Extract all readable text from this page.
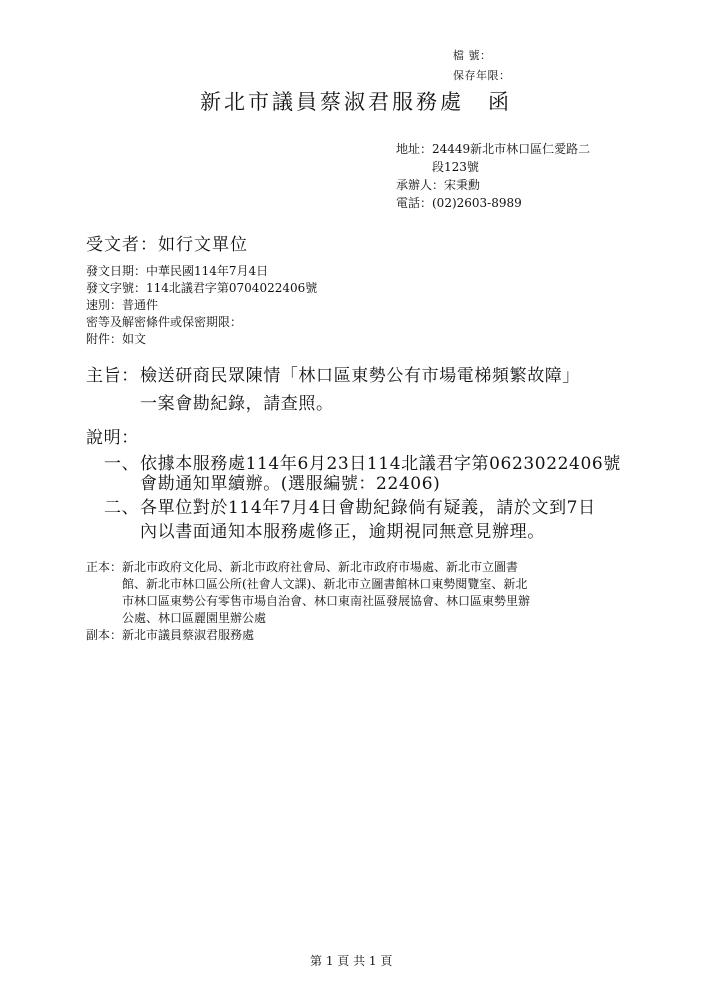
檔 號：
保存年限：
新北市議員蔡淑君服務處　函
地址：24449新北市林口區仁愛路二
段123號
承辦人：宋秉勳
電話：(02)2603-8989
受文者：如行文單位
發文日期：中華民國114年7月4日
發文字號：114北議君字第0704022406號
速別：普通件
密等及解密條件或保密期限：
附件：如文
主旨： 檢送研商民眾陳情「林口區東勢公有市場電梯頻繁故障」
一案會勘紀錄，請查照。
說明：
一、 依據本服務處114年6月23日114北議君字第0623022406號
會勘通知單續辦。(選服編號：22406)
二、 各單位對於114年7月4日會勘紀錄倘有疑義，請於文到7日
內以書面通知本服務處修正，逾期視同無意見辦理。
正本： 新北市政府文化局、新北市政府社會局、新北市政府市場處、新北市立圖書
館、新北市林口區公所(社會人文課)、新北市立圖書館林口東勢閱覽室、新北
市林口區東勢公有零售市場自治會、林口東南社區發展協會、林口區東勢里辦
公處、林口區麗園里辦公處
副本： 新北市議員蔡淑君服務處
第 1 頁 共 1 頁
